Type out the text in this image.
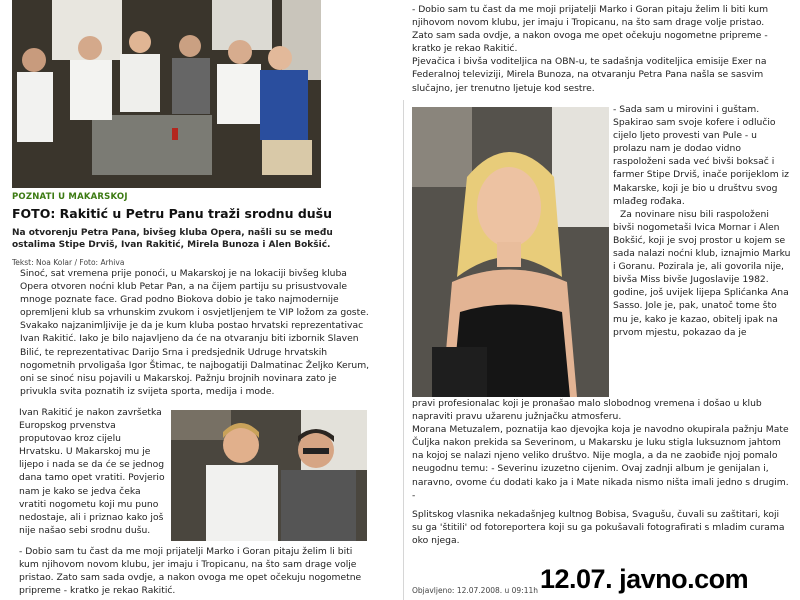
POZNATI U MAKARSKOJ
FOTO: Rakitić u Petru Panu traži srodnu dušu
Na otvorenju Petra Pana, bivšeg kluba Opera, našli su se među ostalima Stipe Drviš, Ivan Rakitić, Mirela Bunoza i Alen Bokšić.
Tekst: Noa Kolar / Foto: Arhiva

Sinoć, sat vremena prije ponoći, u Makarskoj je na lokaciji bivšeg kluba Opera otvoren noćni klub Petar Pan, a na čijem partiju su prisustvovale mnoge poznate face. Grad podno Biokova dobio je tako najmodernije opremljeni klub sa vrhunskim zvukom i osvjetljenjem te VIP ložom za goste.

Svakako najzanimljivije je da je kum kluba postao hrvatski reprezentativac Ivan Rakitić. Iako je bilo najavljeno da će na otvaranju biti izbornik Slaven Bilić, te reprezentativac Darijo Srna i predsjednik Udruge hrvatskih nogometnih prvoligaša Igor Štimac, te najbogatiji Dalmatinac Željko Kerum, oni se sinoć nisu pojavili u Makarskoj. Pažnju brojnih novinara zato je privukla svita poznatih iz svijeta sporta, medija i mode.

Ivan Rakitić je nakon završetka Europskog prvenstva proputovao kroz cijelu Hrvatsku. U Makarskoj mu je lijepo i nada se da će se jednog dana tamo opet vratiti. Povjerio nam je kako se jedva čeka vratiti nogometu koji mu puno nedostaje, ali i priznao kako još nije našao sebi srodnu dušu.

- Dobio sam tu čast da me moji prijatelji Marko i Goran pitaju želim li biti kum njihovom novom klubu, jer imaju i Tropicanu, na što sam drage volje pristao. Zato sam sada ovdje, a nakon ovoga me opet očekuju nogometne pripreme - kratko je rekao Rakitić.

- Dobio sam tu čast da me moji prijatelji Marko i Goran pitaju želim li biti kum njihovom novom klubu, jer imaju i Tropicanu, na što sam drage volje pristao. Zato sam sada ovdje, a nakon ovoga me opet očekuju nogometne pripreme - kratko je rekao Rakitić.

Pjevačica i bivša voditeljica na OBN-u, te sadašnja voditeljica emisije Exer na Federalnoj televiziji, Mirela Bunoza, na otvaranju Petra Pana našla se sasvim slučajno, jer trenutno ljetuje kod sestre.

- Sada sam u mirovini i guštam. Spakirao sam svoje kofere i odlučio cijelo ljeto provesti van Pule - u prolazu nam je dodao vidno raspoloženi sada već bivši boksač i farmer Stipe Drviš, inače porijeklom iz Makarske, koji je bio u društvu svog mlađeg rođaka.

Za novinare nisu bili raspoloženi bivši nogometaši Ivica Mornar i Alen Bokšić, koji je svoj prostor u kojem se sada nalazi noćni klub, iznajmio Marku i Goranu. Pozirala je, ali govorila nije, bivša Miss bivše Jugoslavije 1982. godine, još uvijek lijepa Splićanka Ana Sasso. Jole je, pak, unatoč tome što mu je, kako je kazao, obitelj ipak na prvom mjestu, pokazao da je

pravi profesionalac koji je pronašao malo slobodnog vremena i došao u klub napraviti pravu užarenu južnjačku atmosferu.

Morana Metuzalem, poznatija kao djevojka koja je navodno okupirala pažnju Mate Čuljka nakon prekida sa Severinom, u Makarsku je luku stigla luksuznom jahtom na kojoj se nalazi njeno veliko društvo. Nije mogla, a da ne zaobiđe njoj pomalo neugodnu temu: - Severinu izuzetno cijenim. Ovaj zadnji album je genijalan i, naravno, ovome ću dodati kako ja i Mate nikada nismo ništa imali jedno s drugim. -

Splitskog vlasnika nekadašnjeg kultnog Bobisa, Svagušu, čuvali su zaštitari, koji su ga 'štitili' od fotoreportera koji su ga pokušavali fotografirati s mladim curama oko njega.

Objavljeno: 12.07.2008. u 09:11h 12.07. javno.com
